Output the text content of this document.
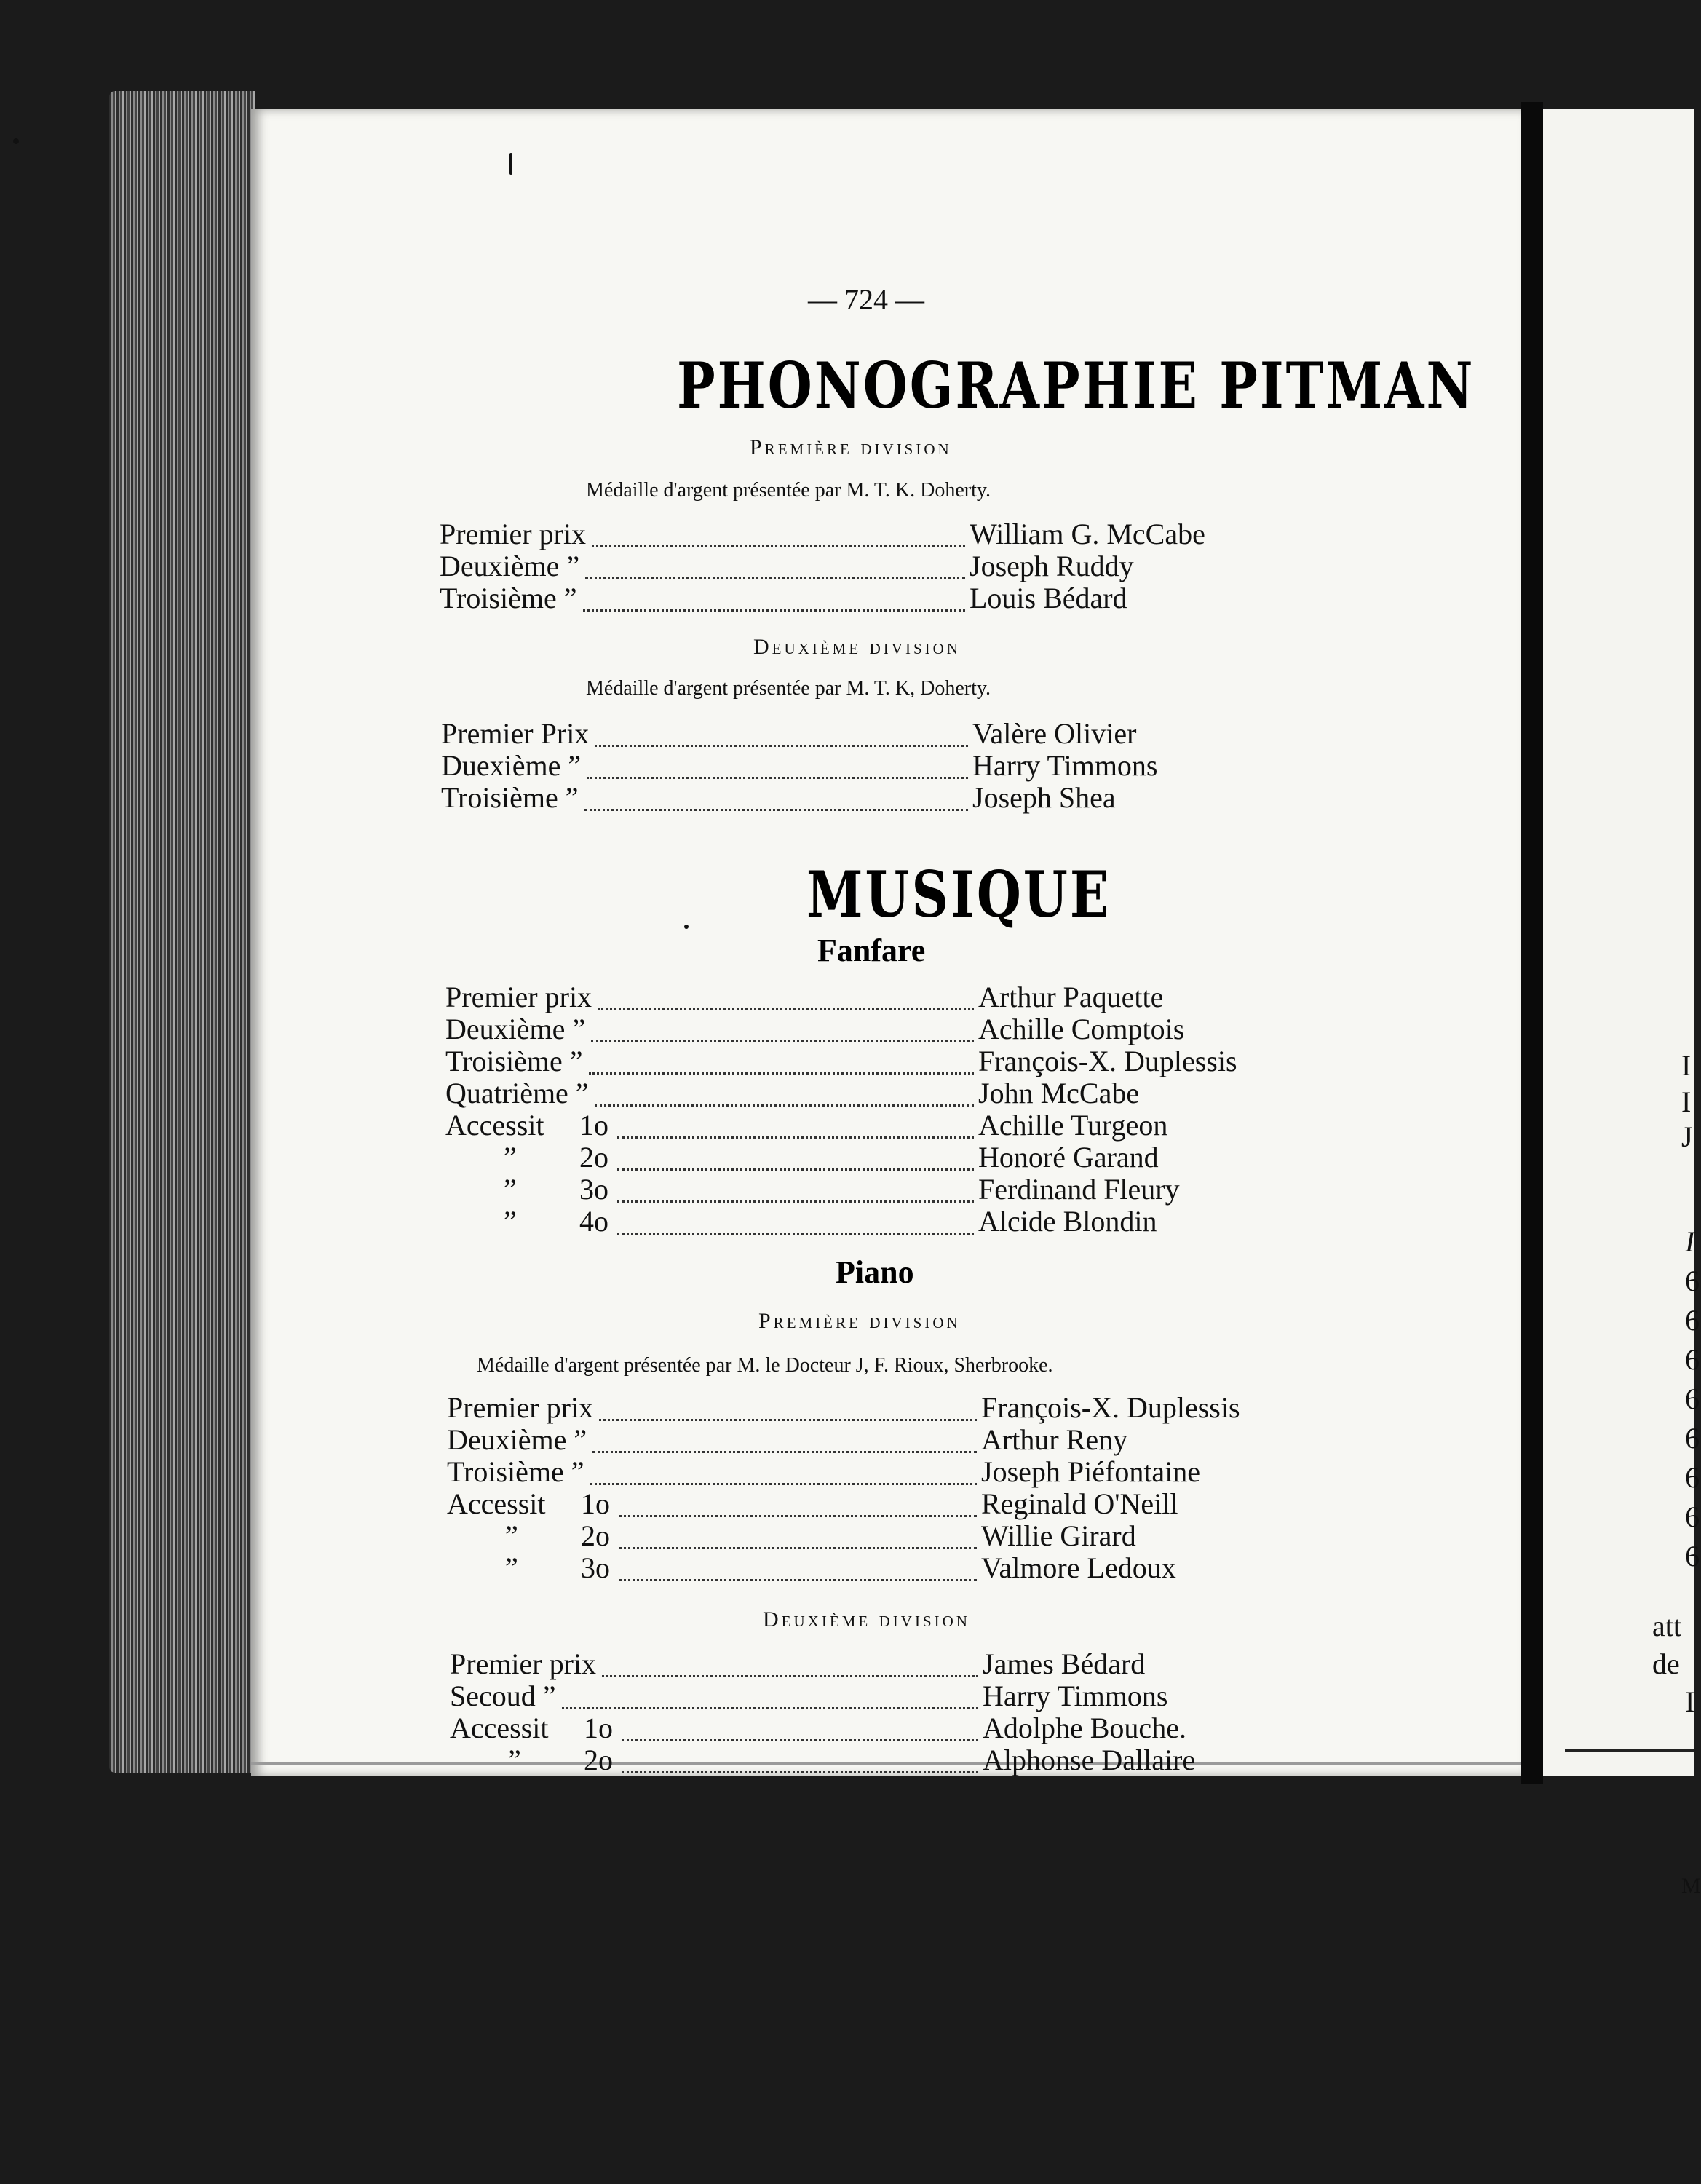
I
I
J
I
6
6
6
6
6
6
6
6
att
de
I
M
— 724 —
PHONOGRAPHIE PITMAN
Première division
Médaille d'argent présentée par M. T. K. Doherty.
Premier prix	William G. McCabe
Deuxième ”	Joseph Ruddy
Troisième ”	Louis Bédard
Deuxième division
Médaille d'argent présentée par M. T. K, Doherty.
Premier Prix	Valère Olivier
Duexième ”	Harry Timmons
Troisième ”	Joseph Shea
MUSIQUE
Fanfare
Premier prix	Arthur Paquette
Deuxième ”	Achille Comptois
Troisième ”	François-X. Duplessis
Quatrième ”	John McCabe
Accessit 1o	Achille Turgeon
” 2o	Honoré Garand
” 3o	Ferdinand Fleury
” 4o	Alcide Blondin
Piano
Première division
Médaille d'argent présentée par M. le Docteur J, F. Rioux, Sherbrooke.
Premier prix	François-X. Duplessis
Deuxième ”	Arthur Reny
Troisième ”	Joseph Piéfontaine
Accessit 1o	Reginald O'Neill
” 2o	Willie Girard
” 3o	Valmore Ledoux
Deuxième division
Premier prix	James Bédard
Secoud ”	Harry Timmons
Accessit 1o	Adolphe Bouche.
” 2o	Alphonse Dallaire
